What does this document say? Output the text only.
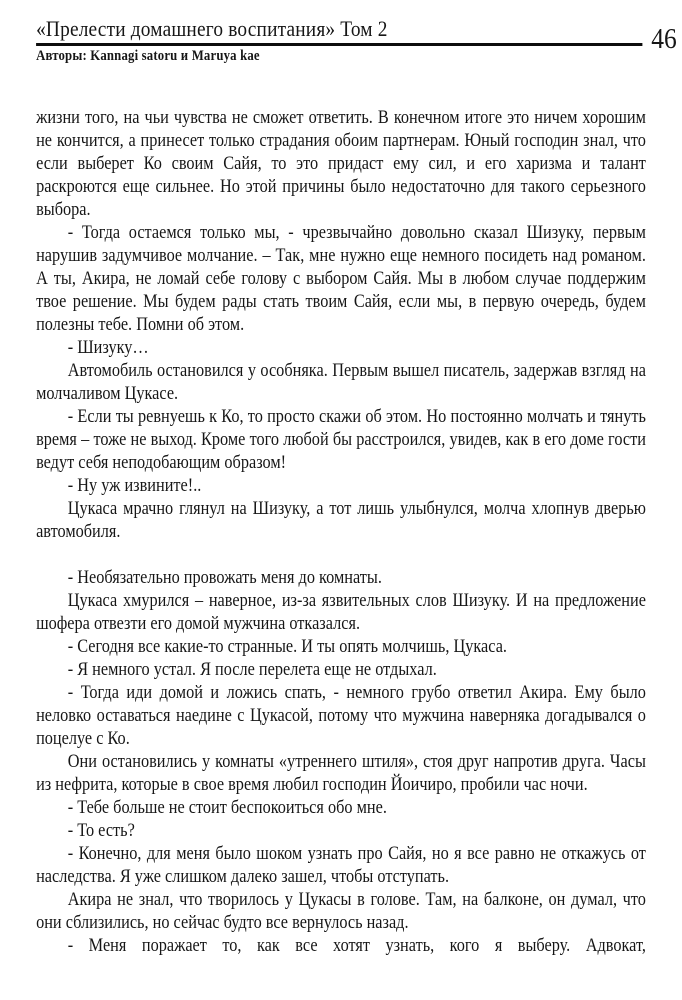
«Прелести домашнего воспитания» Том 2	46
Авторы: Kannagi satoru и Maruya kae

жизни того, на чьи чувства не сможет ответить. В конечном итоге это ничем хорошим не кончится, а принесет только страдания обоим партнерам. Юный господин знал, что если выберет Ко своим Сайя, то это придаст ему сил, и его харизма и талант раскроются еще сильнее. Но этой причины было недостаточно для такого серьезного выбора.

- Тогда остаемся только мы, - чрезвычайно довольно сказал Шизуку, первым нарушив задумчивое молчание. – Так, мне нужно еще немного посидеть над романом. А ты, Акира, не ломай себе голову с выбором Сайя. Мы в любом случае поддержим твое решение. Мы будем рады стать твоим Сайя, если мы, в первую очередь, будем полезны тебе. Помни об этом.

- Шизуку…

Автомобиль остановился у особняка. Первым вышел писатель, задержав взгляд на молчаливом Цукасе.

- Если ты ревнуешь к Ко, то просто скажи об этом. Но постоянно молчать и тянуть время – тоже не выход. Кроме того любой бы расстроился, увидев, как в его доме гости ведут себя неподобающим образом!

- Ну уж извините!..

Цукаса мрачно глянул на Шизуку, а тот лишь улыбнулся, молча хлопнув дверью автомобиля.

- Необязательно провожать меня до комнаты.

Цукаса хмурился – наверное, из-за язвительных слов Шизуку. И на предложение шофера отвезти его домой мужчина отказался.

- Сегодня все какие-то странные. И ты опять молчишь, Цукаса.

- Я немного устал. Я после перелета еще не отдыхал.

- Тогда иди домой и ложись спать, - немного грубо ответил Акира. Ему было неловко оставаться наедине с Цукасой, потому что мужчина наверняка догадывался о поцелуе с Ко.

Они остановились у комнаты «утреннего штиля», стоя друг напротив друга. Часы из нефрита, которые в свое время любил господин Йоичиро, пробили час ночи.

- Тебе больше не стоит беспокоиться обо мне.

- То есть?

- Конечно, для меня было шоком узнать про Сайя, но я все равно не откажусь от наследства. Я уже слишком далеко зашел, чтобы отступать.

Акира не знал, что творилось у Цукасы в голове. Там, на балконе, он думал, что они сблизились, но сейчас будто все вернулось назад.

- Меня поражает то, как все хотят узнать, кого я выберу. Адвокат,
